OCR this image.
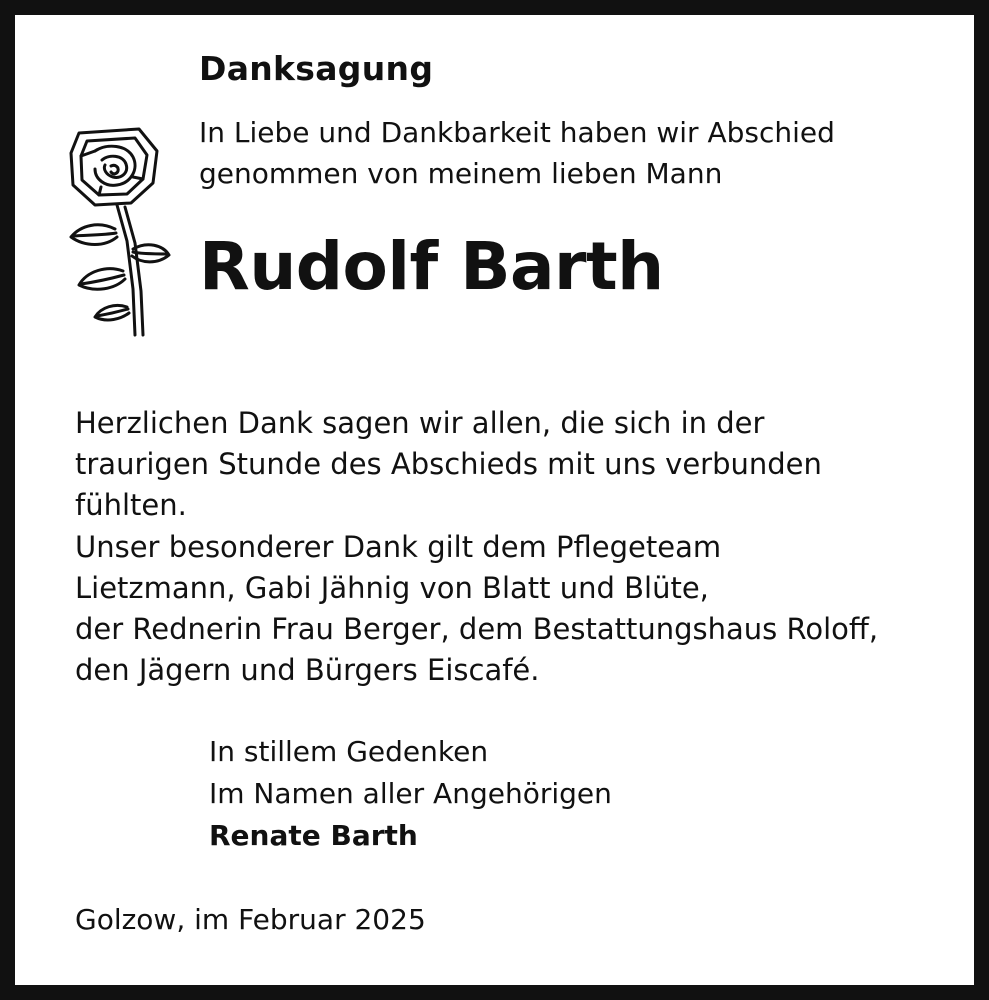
Danksagung
In Liebe und Dankbarkeit haben wir Abschied
genommen von meinem lieben Mann
Rudolf Barth

Herzlichen Dank sagen wir allen, die sich in der

traurigen Stunde des Abschieds mit uns verbunden

fühlten.

Unser besonderer Dank gilt dem Pflegeteam

Lietzmann, Gabi Jähnig von Blatt und Blüte,

der Rednerin Frau Berger, dem Bestattungshaus Roloff,

den Jägern und Bürgers Eiscafé.

In stillem Gedenken

Im Namen aller Angehörigen

Renate Barth

Golzow, im Februar 2025
